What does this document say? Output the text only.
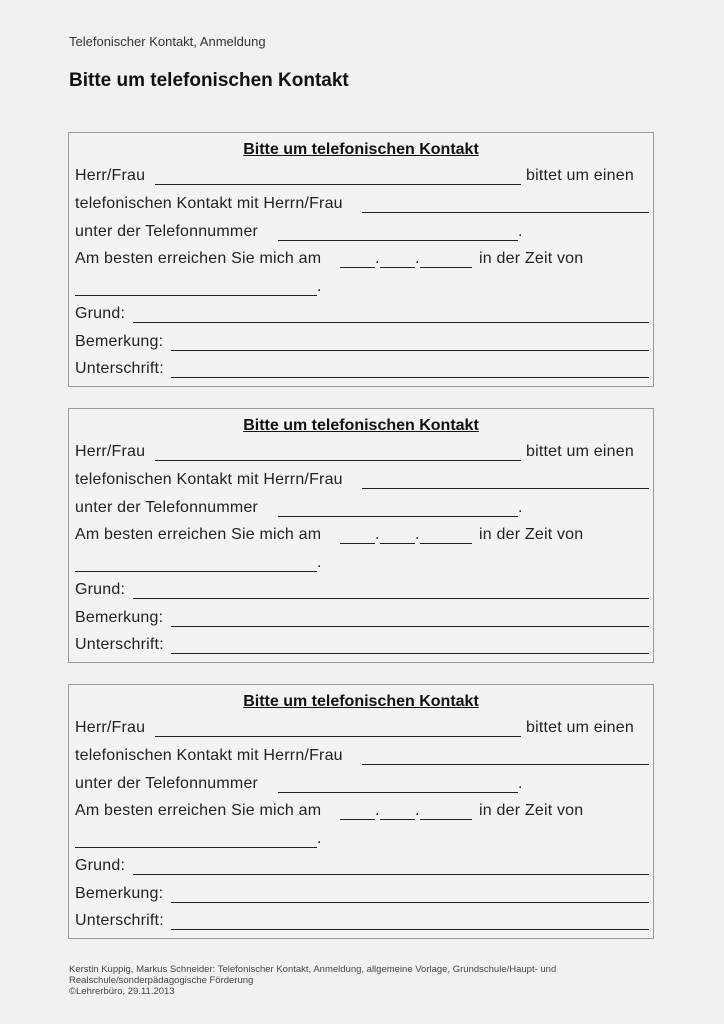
Telefonischer Kontakt, Anmeldung
Bitte um telefonischen Kontakt
Bitte um telefonischen Kontakt
Herr/Frau	bittet um einen
telefonischen Kontakt mit Herrn/Frau
unter der Telefonnummer	.
Am besten erreichen Sie mich am	. .	in der Zeit von
.
Grund:
Bemerkung:
Unterschrift:
Bitte um telefonischen Kontakt
Herr/Frau	bittet um einen
telefonischen Kontakt mit Herrn/Frau
unter der Telefonnummer	.
Am besten erreichen Sie mich am	. .	in der Zeit von
.
Grund:
Bemerkung:
Unterschrift:
Bitte um telefonischen Kontakt
Herr/Frau	bittet um einen
telefonischen Kontakt mit Herrn/Frau
unter der Telefonnummer	.
Am besten erreichen Sie mich am	. .	in der Zeit von
.
Grund:
Bemerkung:
Unterschrift:
Kerstin Kuppig, Markus Schneider: Telefonischer Kontakt, Anmeldung, allgemeine Vorlage, Grundschule/Haupt- und
Realschule/sonderpädagogische Förderung
©Lehrerbüro, 29.11.2013
